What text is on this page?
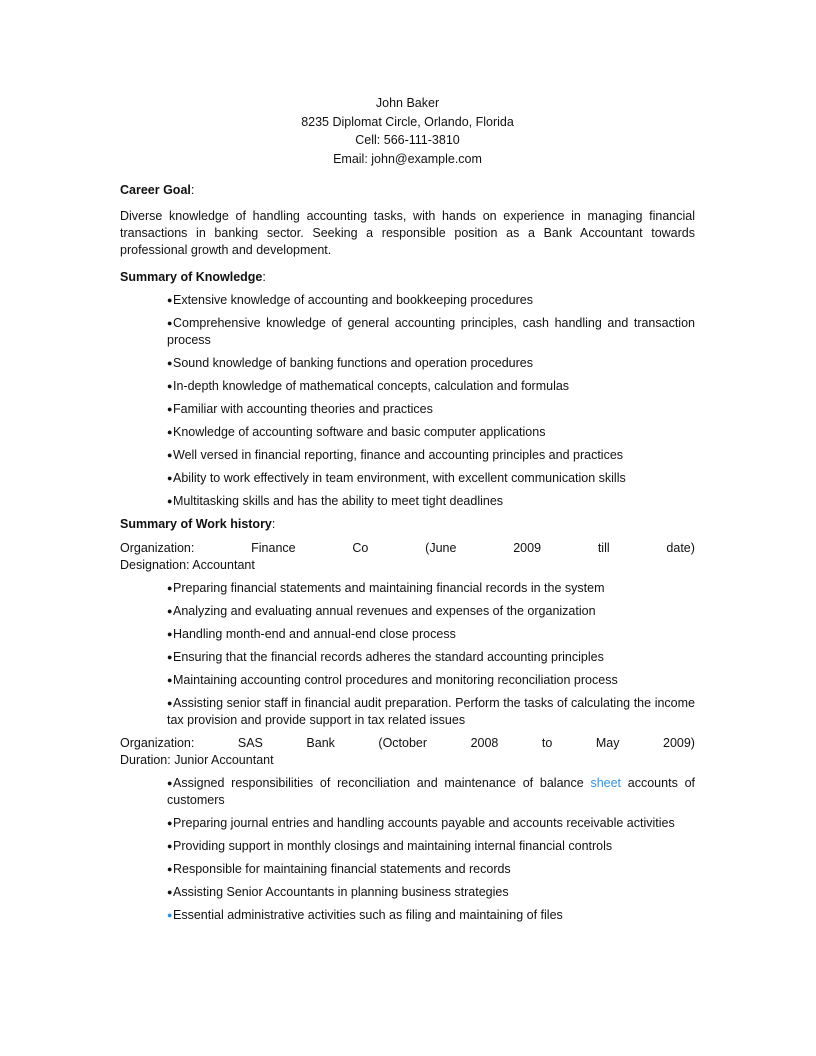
John Baker
8235 Diplomat Circle, Orlando, Florida
Cell: 566-111-3810
Email: john@example.com
Career Goal:
Diverse knowledge of handling accounting tasks, with hands on experience in managing financial transactions in banking sector. Seeking a responsible position as a Bank Accountant towards professional growth and development.
Summary of Knowledge:
●Extensive knowledge of accounting and bookkeeping procedures
●Comprehensive knowledge of general accounting principles, cash handling and transaction process
●Sound knowledge of banking functions and operation procedures
●In-depth knowledge of mathematical concepts, calculation and formulas
●Familiar with accounting theories and practices
●Knowledge of accounting software and basic computer applications
●Well versed in financial reporting, finance and accounting principles and practices
●Ability to work effectively in team environment, with excellent communication skills
●Multitasking skills and has the ability to meet tight deadlines
Summary of Work history:
Organization:	Finance	Co	(June	2009	till	date)
Designation: Accountant
●Preparing financial statements and maintaining financial records in the system
●Analyzing and evaluating annual revenues and expenses of the organization
●Handling month-end and annual-end close process
●Ensuring that the financial records adheres the standard accounting principles
●Maintaining accounting control procedures and monitoring reconciliation process
●Assisting senior staff in financial audit preparation. Perform the tasks of calculating the income tax provision and provide support in tax related issues
Organization:	SAS	Bank	(October	2008	to	May	2009)
Duration: Junior Accountant
●Assigned responsibilities of reconciliation and maintenance of balance sheet accounts of customers
●Preparing journal entries and handling accounts payable and accounts receivable activities
●Providing support in monthly closings and maintaining internal financial controls
●Responsible for maintaining financial statements and records
●Assisting Senior Accountants in planning business strategies
●Essential administrative activities such as filing and maintaining of files
